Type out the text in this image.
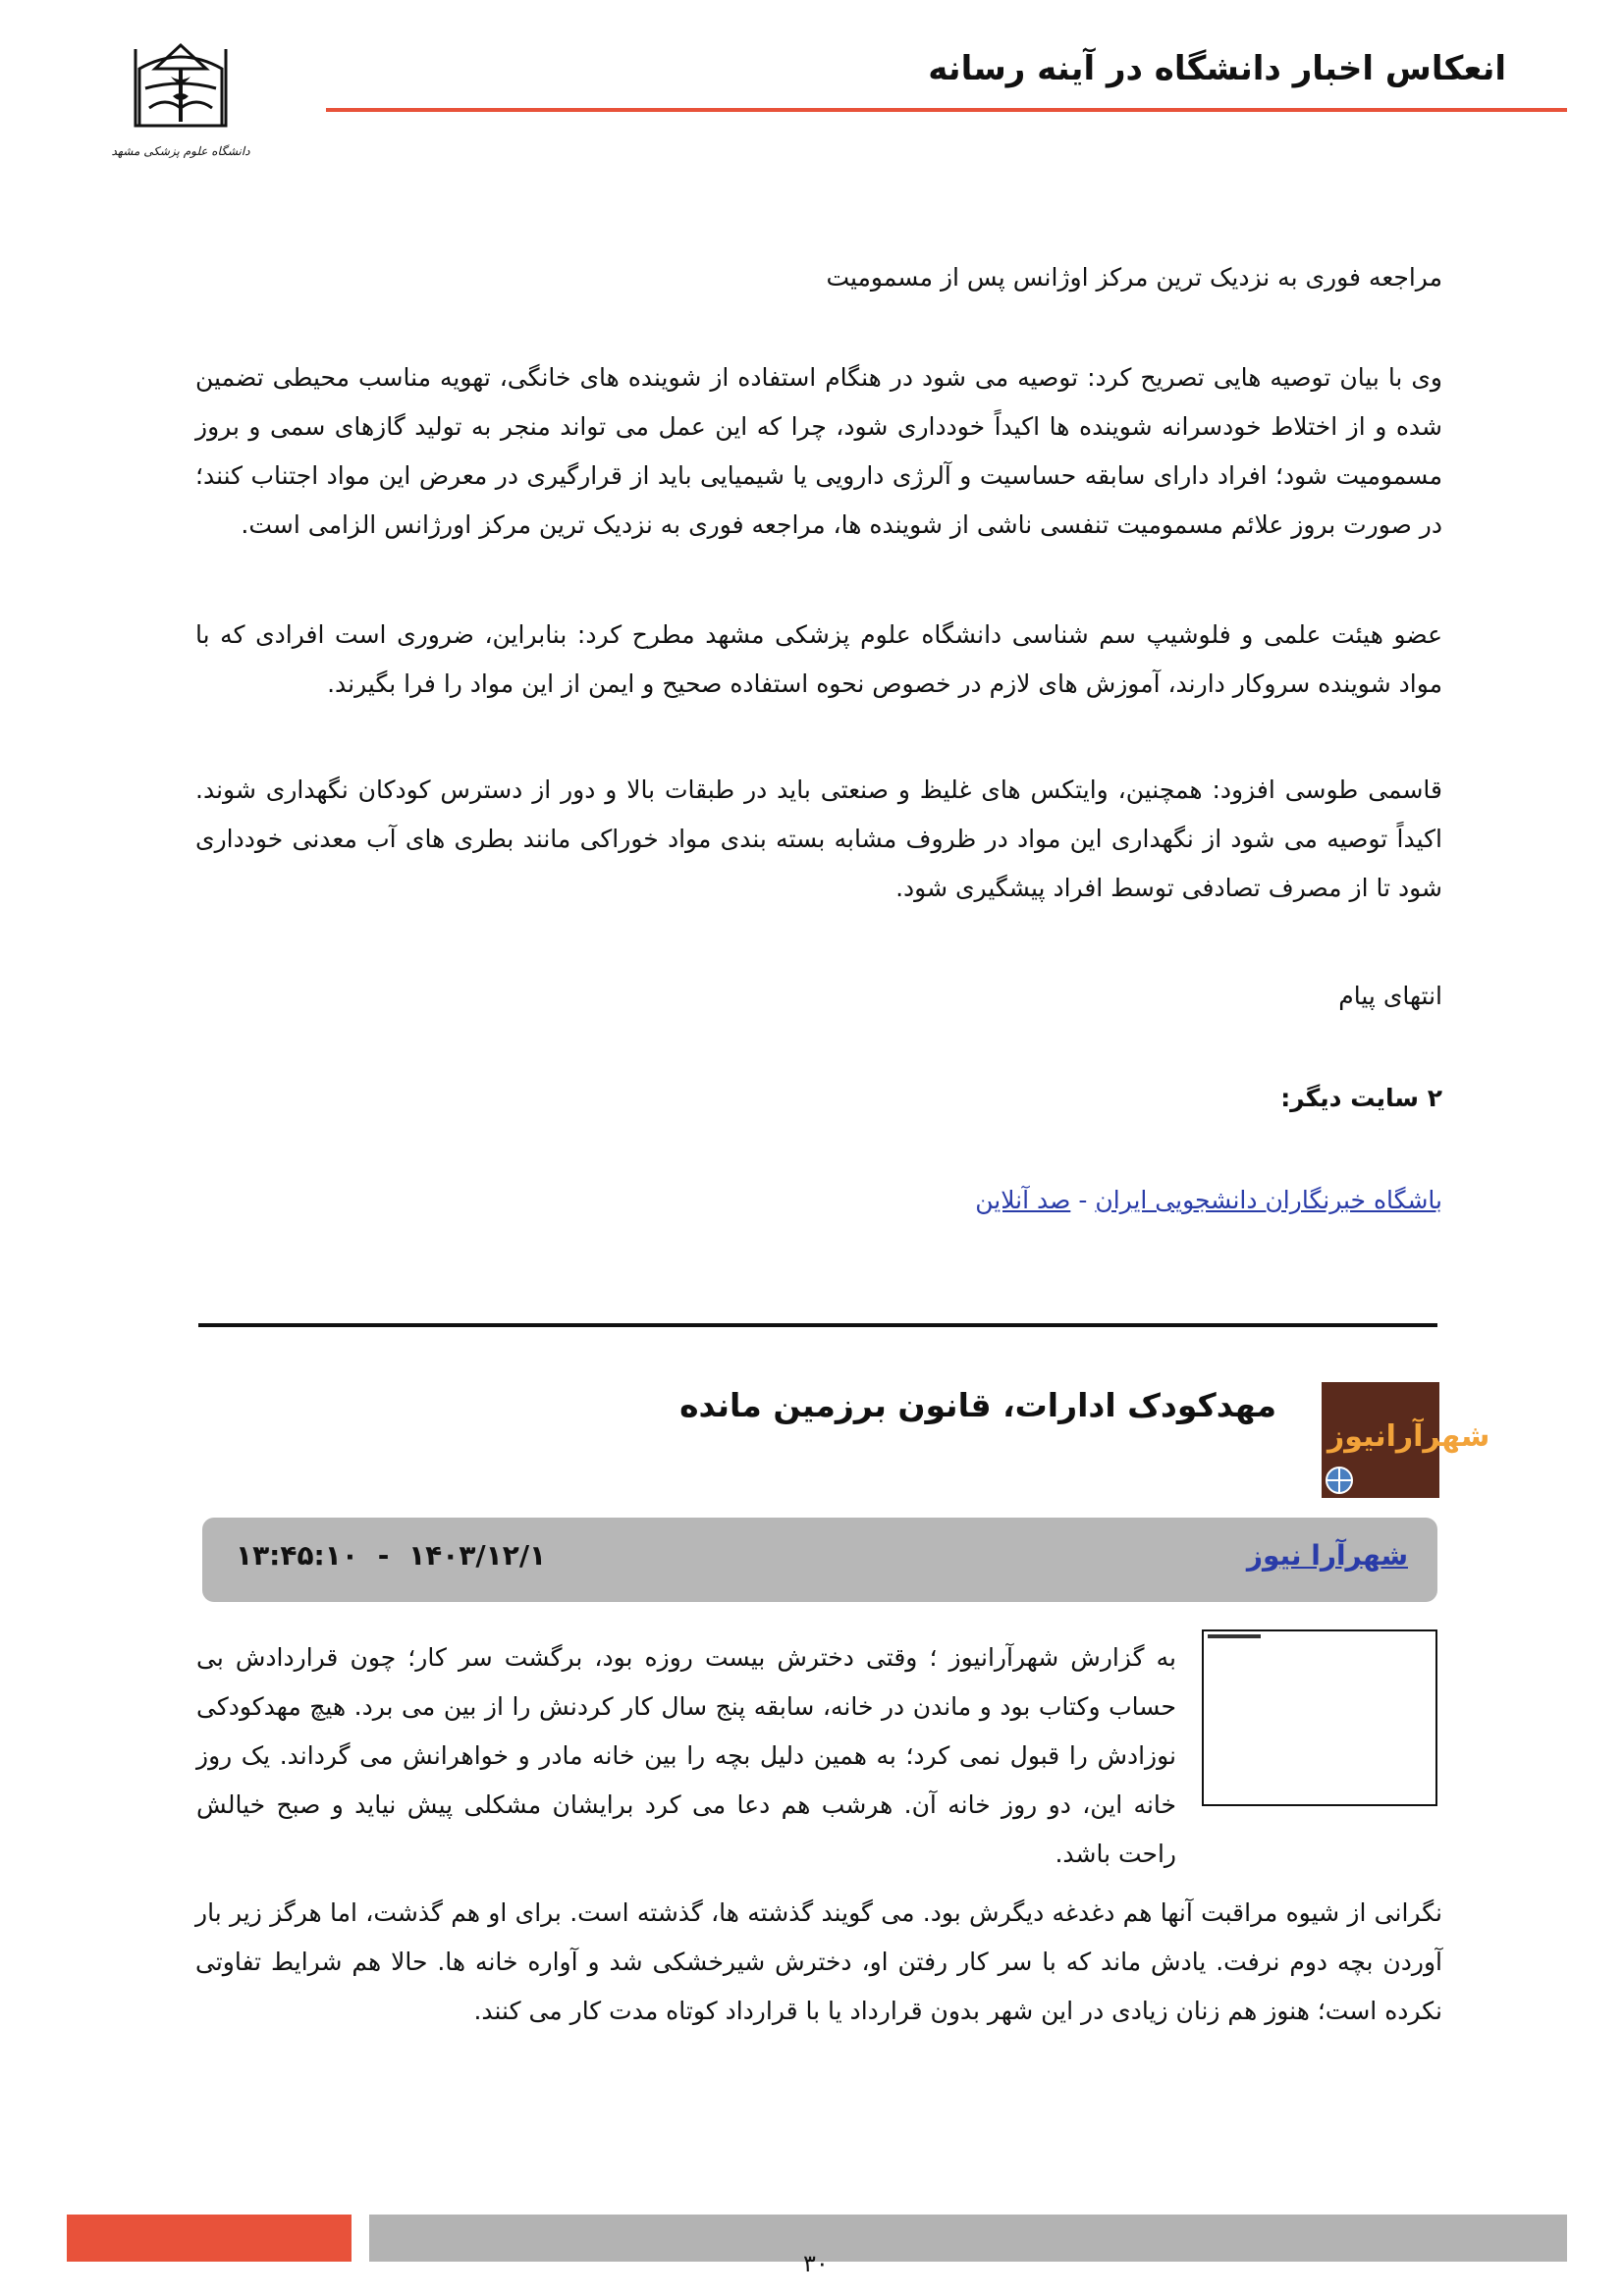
انعکاس اخبار دانشگاه در آینه رسانه
دانشگاه علوم پزشکی مشهد
مراجعه فوری به نزدیک ترین مرکز اوژانس پس از مسمومیت
وی با بیان توصیه هایی تصریح کرد: توصیه می شود در هنگام استفاده از شوینده های خانگی، تهویه مناسب محیطی تضمین شده و از اختلاط خودسرانه شوینده ها اکیداً خودداری شود، چرا که این عمل می تواند منجر به تولید گازهای سمی و بروز مسمومیت شود؛ افراد دارای سابقه حساسیت و آلرژی دارویی یا شیمیایی باید از قرارگیری در معرض این مواد اجتناب کنند؛ در صورت بروز علائم مسمومیت تنفسی ناشی از شوینده ها، مراجعه فوری به نزدیک ترین مرکز اورژانس الزامی است.
عضو هیئت علمی و فلوشیپ سم شناسی دانشگاه علوم پزشکی مشهد مطرح کرد: بنابراین، ضروری است افرادی که با مواد شوینده سروکار دارند، آموزش های لازم در خصوص نحوه استفاده صحیح و ایمن از این مواد را فرا بگیرند.
قاسمی طوسی افزود: همچنین، وایتکس های غلیظ و صنعتی باید در طبقات بالا و دور از دسترس کودکان نگهداری شوند. اکیداً توصیه می شود از نگهداری این مواد در ظروف مشابه بسته بندی مواد خوراکی مانند بطری های آب معدنی خودداری شود تا از مصرف تصادفی توسط افراد پیشگیری شود.
انتهای پیام
۲ سایت دیگر:
باشگاه خبرنگاران دانشجویی ایران-صد آنلاین
شهرآرانیوز
مهدکودک ادارات، قانون برزمین مانده
شهرآرا نیوز
۱۴۰۳/۱۲/۱ - ۱۳:۴۵:۱۰
به گزارش شهرآرانیوز ؛ وقتی دخترش بیست روزه بود، برگشت سر کار؛ چون قراردادش بی حساب وکتاب بود و ماندن در خانه، سابقه پنج سال کار کردنش را از بین می برد. هیچ مهدکودکی نوزادش را قبول نمی کرد؛ به همین دلیل بچه را بین خانه مادر و خواهرانش می گرداند. یک روز خانه این، دو روز خانه آن. هرشب هم دعا می کرد برایشان مشکلی پیش نیاید و صبح خیالش راحت باشد.
نگرانی از شیوه مراقبت آنها هم دغدغه دیگرش بود. می گویند گذشته ها، گذشته است. برای او هم گذشت، اما هرگز زیر بار آوردن بچه دوم نرفت. یادش ماند که با سر کار رفتن او، دخترش شیرخشکی شد و آواره خانه ها. حالا هم شرایط تفاوتی نکرده است؛ هنوز هم زنان زیادی در این شهر بدون قرارداد یا با قرارداد کوتاه مدت کار می کنند.
۳۰
